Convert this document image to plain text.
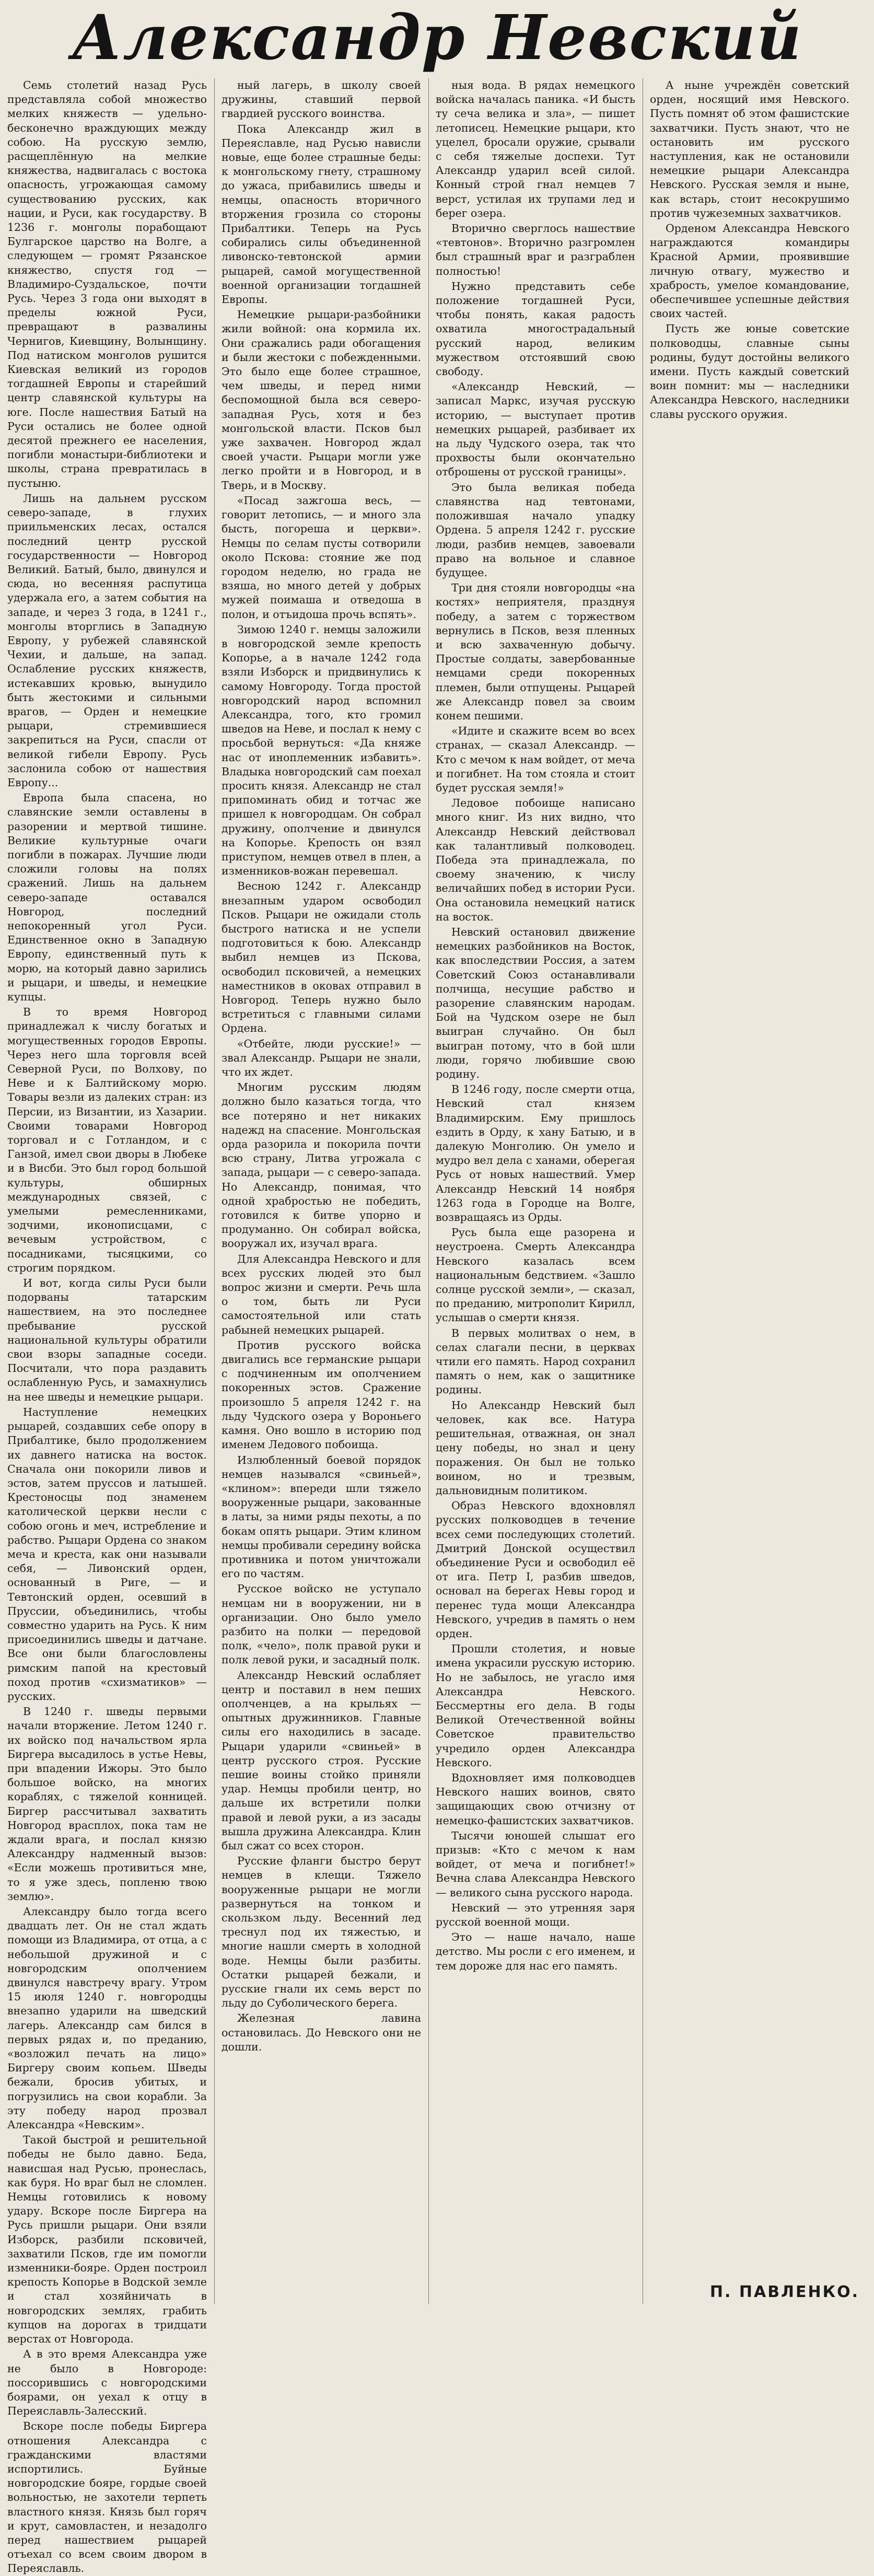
Александр Невский

Семь столетий назад Русь представляла собой множество мелких княжеств — удельно-бесконечно враждующих между собою. На русскую землю, расщеплённую на мелкие княжества, надвигалась с востока опасность, угрожающая самому существованию русских, как нации, и Руси, как государству. В 1236 г. монголы порабощают Булгарское царство на Волге, а следующем — громят Рязанское княжество, спустя год — Владимиро-Суздальское, почти Русь. Через 3 года они выходят в пределы южной Руси, превращают в развалины Чернигов, Киевщину, Волынщину. Под натиском монголов рушится Киевская великий из городов тогдашней Европы и старейший центр славянской культуры на юге. После нашествия Батый на Руси остались не более одной десятой прежнего ее населения, погибли монастыри-библиотеки и школы, страна превратилась в пустыню.

Лишь на дальнем русском северо-западе, в глухих приильменских лесах, остался последний центр русской государственности — Новгород Великий. Батый, было, двинулся и сюда, но весенняя распутица удержала его, а затем события на западе, и через 3 года, в 1241 г., монголы вторглись в Западную Европу, у рубежей славянской Чехии, и дальше, на запад. Ослабление русских княжеств, истекавших кровью, вынудило быть жестокими и сильными врагов, — Орден и немецкие рыцари, стремившиеся закрепиться на Руси, спасли от великой гибели Европу. Русь заслонила собою от нашествия Европу...

Европа была спасена, но славянские земли оставлены в разорении и мертвой тишине. Великие культурные очаги погибли в пожарах. Лучшие люди сложили головы на полях сражений. Лишь на дальнем северо-западе оставался Новгород, последний непокоренный угол Руси. Единственное окно в Западную Европу, единственный путь к морю, на который давно зарились и рыцари, и шведы, и немецкие купцы.

В то время Новгород принадлежал к числу богатых и могущественных городов Европы. Через него шла торговля всей Северной Руси, по Волхову, по Неве и к Балтийскому морю. Товары везли из далеких стран: из Персии, из Византии, из Хазарии. Своими товарами Новгород торговал и с Готландом, и с Ганзой, имел свои дворы в Любеке и в Висби. Это был город большой культуры, обширных международных связей, с умелыми ремесленниками, зодчими, иконописцами, с вечевым устройством, с посадниками, тысяцкими, со строгим порядком.

И вот, когда силы Руси были подорваны татарским нашествием, на это последнее пребывание русской национальной культуры обратили свои взоры западные соседи. Посчитали, что пора раздавить ослабленную Русь, и замахнулись на нее шведы и немецкие рыцари.

Наступление немецких рыцарей, создавших себе опору в Прибалтике, было продолжением их давнего натиска на восток. Сначала они покорили ливов и эстов, затем пруссов и латышей. Крестоносцы под знаменем католической церкви несли с собою огонь и меч, истребление и рабство. Рыцари Ордена со знаком меча и креста, как они называли себя, — Ливонский орден, основанный в Риге, — и Тевтонский орден, осевший в Пруссии, объединились, чтобы совместно ударить на Русь. К ним присоединились шведы и датчане. Все они были благословлены римским папой на крестовый поход против «схизматиков» — русских.

В 1240 г. шведы первыми начали вторжение. Летом 1240 г. их войско под начальством ярла Биргера высадилось в устье Невы, при впадении Ижоры. Это было большое войско, на многих кораблях, с тяжелой конницей. Биргер рассчитывал захватить Новгород врасплох, пока там не ждали врага, и послал князю Александру надменный вызов: «Если можешь противиться мне, то я уже здесь, попленю твою землю».

Александру было тогда всего двадцать лет. Он не стал ждать помощи из Владимира, от отца, а с небольшой дружиной и с новгородским ополчением двинулся навстречу врагу. Утром 15 июля 1240 г. новгородцы внезапно ударили на шведский лагерь. Александр сам бился в первых рядах и, по преданию, «возложил печать на лицо» Биргеру своим копьем. Шведы бежали, бросив убитых, и погрузились на свои корабли. За эту победу народ прозвал Александра «Невским».

Такой быстрой и решительной победы не было давно. Беда, нависшая над Русью, пронеслась, как буря. Но враг был не сломлен. Немцы готовились к новому удару. Вскоре после Биргера на Русь пришли рыцари. Они взяли Изборск, разбили псковичей, захватили Псков, где им помогли изменники-бояре. Орден построил крепость Копорье в Водской земле и стал хозяйничать в новгородских землях, грабить купцов на дорогах в тридцати верстах от Новгорода.

А в это время Александра уже не было в Новгороде: поссорившись с новгородскими боярами, он уехал к отцу в Переяславль-Залесский.

Вскоре после победы Биргера отношения Александра с гражданскими властями испортились. Буйные новгородские бояре, гордые своей вольностью, не захотели терпеть властного князя. Князь был горяч и крут, самовластен, и незадолго перед нашествием рыцарей отъехал со всем своим двором в Переяславль.

ный лагерь, в школу своей дружины, ставший первой гвардией русского воинства.

Пока Александр жил в Переяславле, над Русью нависли новые, еще более страшные беды: к монгольскому гнету, страшному до ужаса, прибавились шведы и немцы, опасность вторичного вторжения грозила со стороны Прибалтики. Теперь на Русь собирались силы объединенной ливонско-тевтонской армии рыцарей, самой могущественной военной организации тогдашней Европы.

Немецкие рыцари-разбойники жили войной: она кормила их. Они сражались ради обогащения и были жестоки с побежденными. Это было еще более страшное, чем шведы, и перед ними беспомощной была вся северо-западная Русь, хотя и без монгольской власти. Псков был уже захвачен. Новгород ждал своей участи. Рыцари могли уже легко пройти и в Новгород, и в Тверь, и в Москву.

«Посад зажгоша весь, — говорит летопись, — и много зла бысть, погореша и церкви». Немцы по селам пусты сотворили около Пскова: стояние же под городом неделю, но града не взяша, но много детей у добрых мужей поимаша и отведоша в полон, и отъидоша прочь вспять».

Зимою 1240 г. немцы заложили в новгородской земле крепость Копорье, а в начале 1242 года взяли Изборск и придвинулись к самому Новгороду. Тогда простой новгородский народ вспомнил Александра, того, кто громил шведов на Неве, и послал к нему с просьбой вернуться: «Да княже нас от иноплеменник избавить». Владыка новгородский сам поехал просить князя. Александр не стал припоминать обид и тотчас же пришел к новгородцам. Он собрал дружину, ополчение и двинулся на Копорье. Крепость он взял приступом, немцев отвел в плен, а изменников-вожан перевешал.

Весною 1242 г. Александр внезапным ударом освободил Псков. Рыцари не ожидали столь быстрого натиска и не успели подготовиться к бою. Александр выбил немцев из Пскова, освободил псковичей, а немецких наместников в оковах отправил в Новгород. Теперь нужно было встретиться с главными силами Ордена.

«Отбейте, люди русские!» — звал Александр. Рыцари не знали, что их ждет.

Многим русским людям должно было казаться тогда, что все потеряно и нет никаких надежд на спасение. Монгольская орда разорила и покорила почти всю страну, Литва угрожала с запада, рыцари — с северо-запада. Но Александр, понимая, что одной храбростью не победить, готовился к битве упорно и продуманно. Он собирал войска, вооружал их, изучал врага.

Для Александра Невского и для всех русских людей это был вопрос жизни и смерти. Речь шла о том, быть ли Руси самостоятельной или стать рабыней немецких рыцарей.

Против русского войска двигались все германские рыцари с подчиненным им ополчением покоренных эстов. Сражение произошло 5 апреля 1242 г. на льду Чудского озера у Вороньего камня. Оно вошло в историю под именем Ледового побоища.

Излюбленный боевой порядок немцев назывался «свиньей», «клином»: впереди шли тяжело вооруженные рыцари, закованные в латы, за ними ряды пехоты, а по бокам опять рыцари. Этим клином немцы пробивали середину войска противника и потом уничтожали его по частям.

Русское войско не уступало немцам ни в вооружении, ни в организации. Оно было умело разбито на полки — передовой полк, «чело», полк правой руки и полк левой руки, и засадный полк.

Александр Невский ослабляет центр и поставил в нем пеших ополченцев, а на крыльях — опытных дружинников. Главные силы его находились в засаде. Рыцари ударили «свиньей» в центр русского строя. Русские пешие воины стойко приняли удар. Немцы пробили центр, но дальше их встретили полки правой и левой руки, а из засады вышла дружина Александра. Клин был сжат со всех сторон.

Русские фланги быстро берут немцев в клещи. Тяжело вооруженные рыцари не могли развернуться на тонком и скользком льду. Весенний лед треснул под их тяжестью, и многие нашли смерть в холодной воде. Немцы были разбиты. Остатки рыцарей бежали, и русские гнали их семь верст по льду до Суболического берега.

Железная лавина остановилась. До Невского они не дошли.

ныя вода. В рядах немецкого войска началась паника. «И бысть ту сеча велика и зла», — пишет летописец. Немецкие рыцари, кто уцелел, бросали оружие, срывали с себя тяжелые доспехи. Тут Александр ударил всей силой. Конный строй гнал немцев 7 верст, устилая их трупами лед и берег озера.

Вторично сверглось нашествие «тевтонов». Вторично разгромлен был страшный враг и разграблен полностью!

Нужно представить себе положение тогдашней Руси, чтобы понять, какая радость охватила многострадальный русский народ, великим мужеством отстоявший свою свободу.

«Александр Невский, — записал Маркс, изучая русскую историю, — выступает против немецких рыцарей, разбивает их на льду Чудского озера, так что прохвосты были окончательно отброшены от русской границы».

Это была великая победа славянства над тевтонами, положившая начало упадку Ордена. 5 апреля 1242 г. русские люди, разбив немцев, завоевали право на вольное и славное будущее.

Три дня стояли новгородцы «на костях» неприятеля, празднуя победу, а затем с торжеством вернулись в Псков, везя пленных и всю захваченную добычу. Простые солдаты, завербованные немцами среди покоренных племен, были отпущены. Рыцарей же Александр повел за своим конем пешими.

«Идите и скажите всем во всех странах, — сказал Александр. — Кто с мечом к нам войдет, от меча и погибнет. На том стояла и стоит будет русская земля!»

Ледовое побоище написано много книг. Из них видно, что Александр Невский действовал как талантливый полководец. Победа эта принадлежала, по своему значению, к числу величайших побед в истории Руси. Она остановила немецкий натиск на восток.

Невский остановил движение немецких разбойников на Восток, как впоследствии Россия, а затем Советский Союз останавливали полчища, несущие рабство и разорение славянским народам. Бой на Чудском озере не был выигран случайно. Он был выигран потому, что в бой шли люди, горячо любившие свою родину.

В 1246 году, после смерти отца, Невский стал князем Владимирским. Ему пришлось ездить в Орду, к хану Батыю, и в далекую Монголию. Он умело и мудро вел дела с ханами, оберегая Русь от новых нашествий. Умер Александр Невский 14 ноября 1263 года в Городце на Волге, возвращаясь из Орды.

Русь была еще разорена и неустроена. Смерть Александра Невского казалась всем национальным бедствием. «Зашло солнце русской земли», — сказал, по преданию, митрополит Кирилл, услышав о смерти князя.

В первых молитвах о нем, в селах слагали песни, в церквах чтили его память. Народ сохранил память о нем, как о защитнике родины.

Но Александр Невский был человек, как все. Натура решительная, отважная, он знал цену победы, но знал и цену поражения. Он был не только воином, но и трезвым, дальновидным политиком.

Образ Невского вдохновлял русских полководцев в течение всех семи последующих столетий. Дмитрий Донской осуществил объединение Руси и освободил её от ига. Петр I, разбив шведов, основал на берегах Невы город и перенес туда мощи Александра Невского, учредив в память о нем орден.

Прошли столетия, и новые имена украсили русскую историю. Но не забылось, не угасло имя Александра Невского. Бессмертны его дела. В годы Великой Отечественной войны Советское правительство учредило орден Александра Невского.

Вдохновляет имя полководцев Невского наших воинов, свято защищающих свою отчизну от немецко-фашистских захватчиков.

Тысячи юношей слышат его призыв: «Кто с мечом к нам войдет, от меча и погибнет!» Вечна слава Александра Невского — великого сына русского народа.

Невский — это утренняя заря русской военной мощи.

Это — наше начало, наше детство. Мы росли с его именем, и тем дороже для нас его память.

А ныне учреждён советский орден, носящий имя Невского. Пусть помнят об этом фашистские захватчики. Пусть знают, что не остановить им русского наступления, как не остановили немецкие рыцари Александра Невского. Русская земля и ныне, как встарь, стоит несокрушимо против чужеземных захватчиков.

Орденом Александра Невского награждаются командиры Красной Армии, проявившие личную отвагу, мужество и храбрость, умелое командование, обеспечившее успешные действия своих частей.

Пусть же юные советские полководцы, славные сыны родины, будут достойны великого имени. Пусть каждый советский воин помнит: мы — наследники Александра Невского, наследники славы русского оружия.

П. ПАВЛЕНКО.
